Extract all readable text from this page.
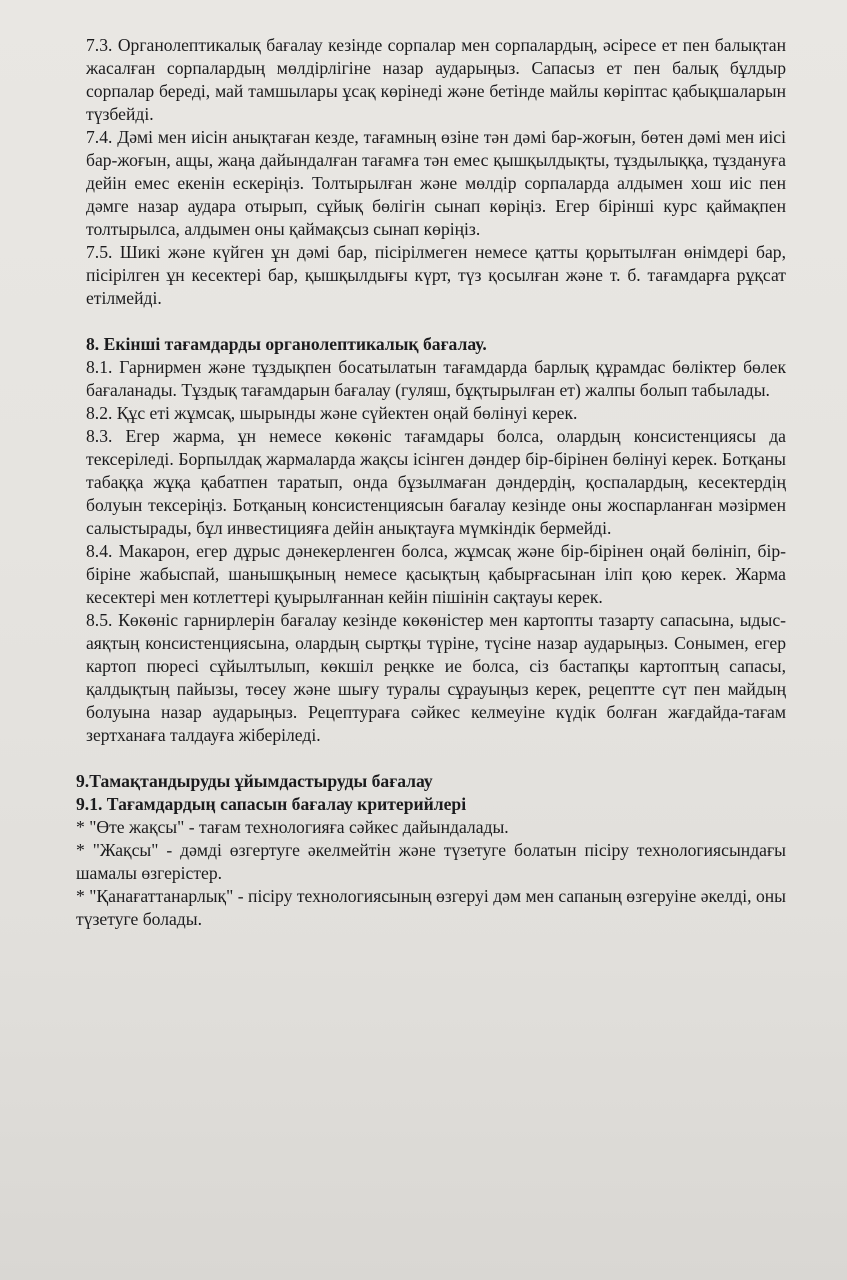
7.3. Органолептикалық бағалау кезінде сорпалар мен сорпалардың, әсіресе ет пен балықтан жасалған сорпалардың мөлдірлігіне назар аударыңыз. Сапасыз ет пен балық бұлдыр сорпалар береді, май тамшылары ұсақ көрінеді және бетінде майлы көріптас қабықшаларын түзбейді.

7.4. Дәмі мен иісін анықтаған кезде, тағамның өзіне тән дәмі бар-жоғын, бөтен дәмі мен иісі бар-жоғын, ащы, жаңа дайындалған тағамға тән емес қышқылдықты, тұздылыққа, тұздануға дейін емес екенін ескеріңіз. Толтырылған және мөлдір сорпаларда алдымен хош иіс пен дәмге назар аудара отырып, сұйық бөлігін сынап көріңіз. Егер бірінші курс қаймақпен толтырылса, алдымен оны қаймақсыз сынап көріңіз.

7.5. Шикі және күйген ұн дәмі бар, пісірілмеген немесе қатты қорытылған өнімдері бар, пісірілген ұн кесектері бар, қышқылдығы күрт, түз қосылған және т. б. тағамдарға рұқсат етілмейді.

8. Екінші тағамдарды органолептикалық бағалау.

8.1. Гарнирмен және тұздықпен босатылатын тағамдарда барлық құрамдас бөліктер бөлек бағаланады. Тұздық тағамдарын бағалау (гуляш, бұқтырылған ет) жалпы болып табылады.

8.2. Құс еті жұмсақ, шырынды және сүйектен оңай бөлінуі керек.

8.3. Егер жарма, ұн немесе көкөніс тағамдары болса, олардың консистенциясы да тексеріледі. Борпылдақ жармаларда жақсы ісінген дәндер бір-бірінен бөлінуі керек. Ботқаны табаққа жұқа қабатпен таратып, онда бұзылмаған дәндердің, қоспалардың, кесектердің болуын тексеріңіз. Ботқаның консистенциясын бағалау кезінде оны жоспарланған мәзірмен салыстырады, бұл инвестицияға дейін анықтауға мүмкіндік бермейді.

8.4. Макарон, егер дұрыс дәнекерленген болса, жұмсақ және бір-бірінен оңай бөлініп, бір-біріне жабыспай, шанышқының немесе қасықтың қабырғасынан іліп қою керек. Жарма кесектері мен котлеттері қуырылғаннан кейін пішінін сақтауы керек.

8.5. Көкөніс гарнирлерін бағалау кезінде көкөністер мен картопты тазарту сапасына, ыдыс-аяқтың консистенциясына, олардың сыртқы түріне, түсіне назар аударыңыз. Сонымен, егер картоп пюресі сұйылтылып, көкшіл реңкке ие болса, сіз бастапқы картоптың сапасы, қалдықтың пайызы, төсеу және шығу туралы сұрауыңыз керек, рецептте сүт пен майдың болуына назар аударыңыз. Рецептураға сәйкес келмеуіне күдік болған жағдайда-тағам зертханаға талдауға жіберіледі.

9.Тамақтандыруды ұйымдастыруды бағалау

9.1. Тағамдардың сапасын бағалау критерийлері

* "Өте жақсы" - тағам технологияға сәйкес дайындалады.

* "Жақсы" - дәмді өзгертуге әкелмейтін және түзетуге болатын пісіру технологиясындағы шамалы өзгерістер.

* "Қанағаттанарлық" - пісіру технологиясының өзгеруі дәм мен сапаның өзгеруіне әкелді, оны түзетуге болады.
